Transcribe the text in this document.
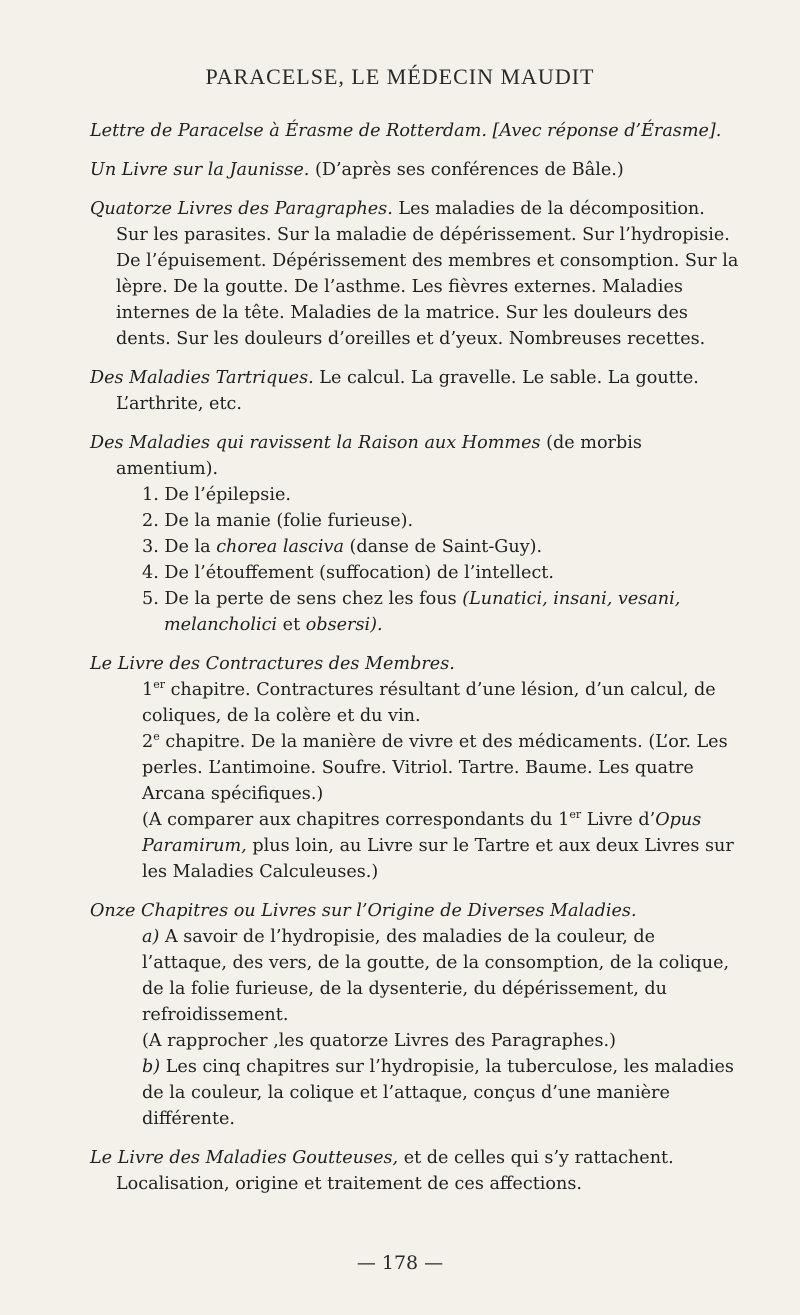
PARACELSE, LE MÉDECIN MAUDIT

Lettre de Paracelse à Érasme de Rotterdam. [Avec réponse d’Érasme].

Un Livre sur la Jaunisse. (D’après ses conférences de Bâle.)

Quatorze Livres des Paragraphes. Les maladies de la décomposition. Sur les parasites. Sur la maladie de dépérissement. Sur l’hydropisie. De l’épuisement. Dépérissement des membres et consomption. Sur la lèpre. De la goutte. De l’asthme. Les fièvres externes. Maladies internes de la tête. Maladies de la matrice. Sur les douleurs des dents. Sur les douleurs d’oreilles et d’yeux. Nombreuses recettes.

Des Maladies Tartriques. Le calcul. La gravelle. Le sable. La goutte. L’arthrite, etc.

Des Maladies qui ravissent la Raison aux Hommes (de morbis amentium).
1. De l’épilepsie.
2. De la manie (folie furieuse).
3. De la chorea lasciva (danse de Saint-Guy).
4. De l’étouffement (suffocation) de l’intellect.
5. De la perte de sens chez les fous (Lunatici, insani, vesani, melancholici et obsersi).
Le Livre des Contractures des Membres.
1er chapitre. Contractures résultant d’une lésion, d’un calcul, de coliques, de la colère et du vin.
2e chapitre. De la manière de vivre et des médicaments. (L’or. Les perles. L’antimoine. Soufre. Vitriol. Tartre. Baume. Les quatre Arcana spécifiques.)
(A comparer aux chapitres correspondants du 1er Livre d’Opus Paramirum, plus loin, au Livre sur le Tartre et aux deux Livres sur les Maladies Calculeuses.)
Onze Chapitres ou Livres sur l’Origine de Diverses Maladies.
a) A savoir de l’hydropisie, des maladies de la couleur, de l’attaque, des vers, de la goutte, de la consomption, de la colique, de la folie furieuse, de la dysenterie, du dépérissement, du refroidissement.
(A rapprocher ,les quatorze Livres des Paragraphes.)
b) Les cinq chapitres sur l’hydropisie, la tuberculose, les maladies de la couleur, la colique et l’attaque, conçus d’une manière différente.

Le Livre des Maladies Goutteuses, et de celles qui s’y rattachent. Localisation, origine et traitement de ces affections.

— 178 —
